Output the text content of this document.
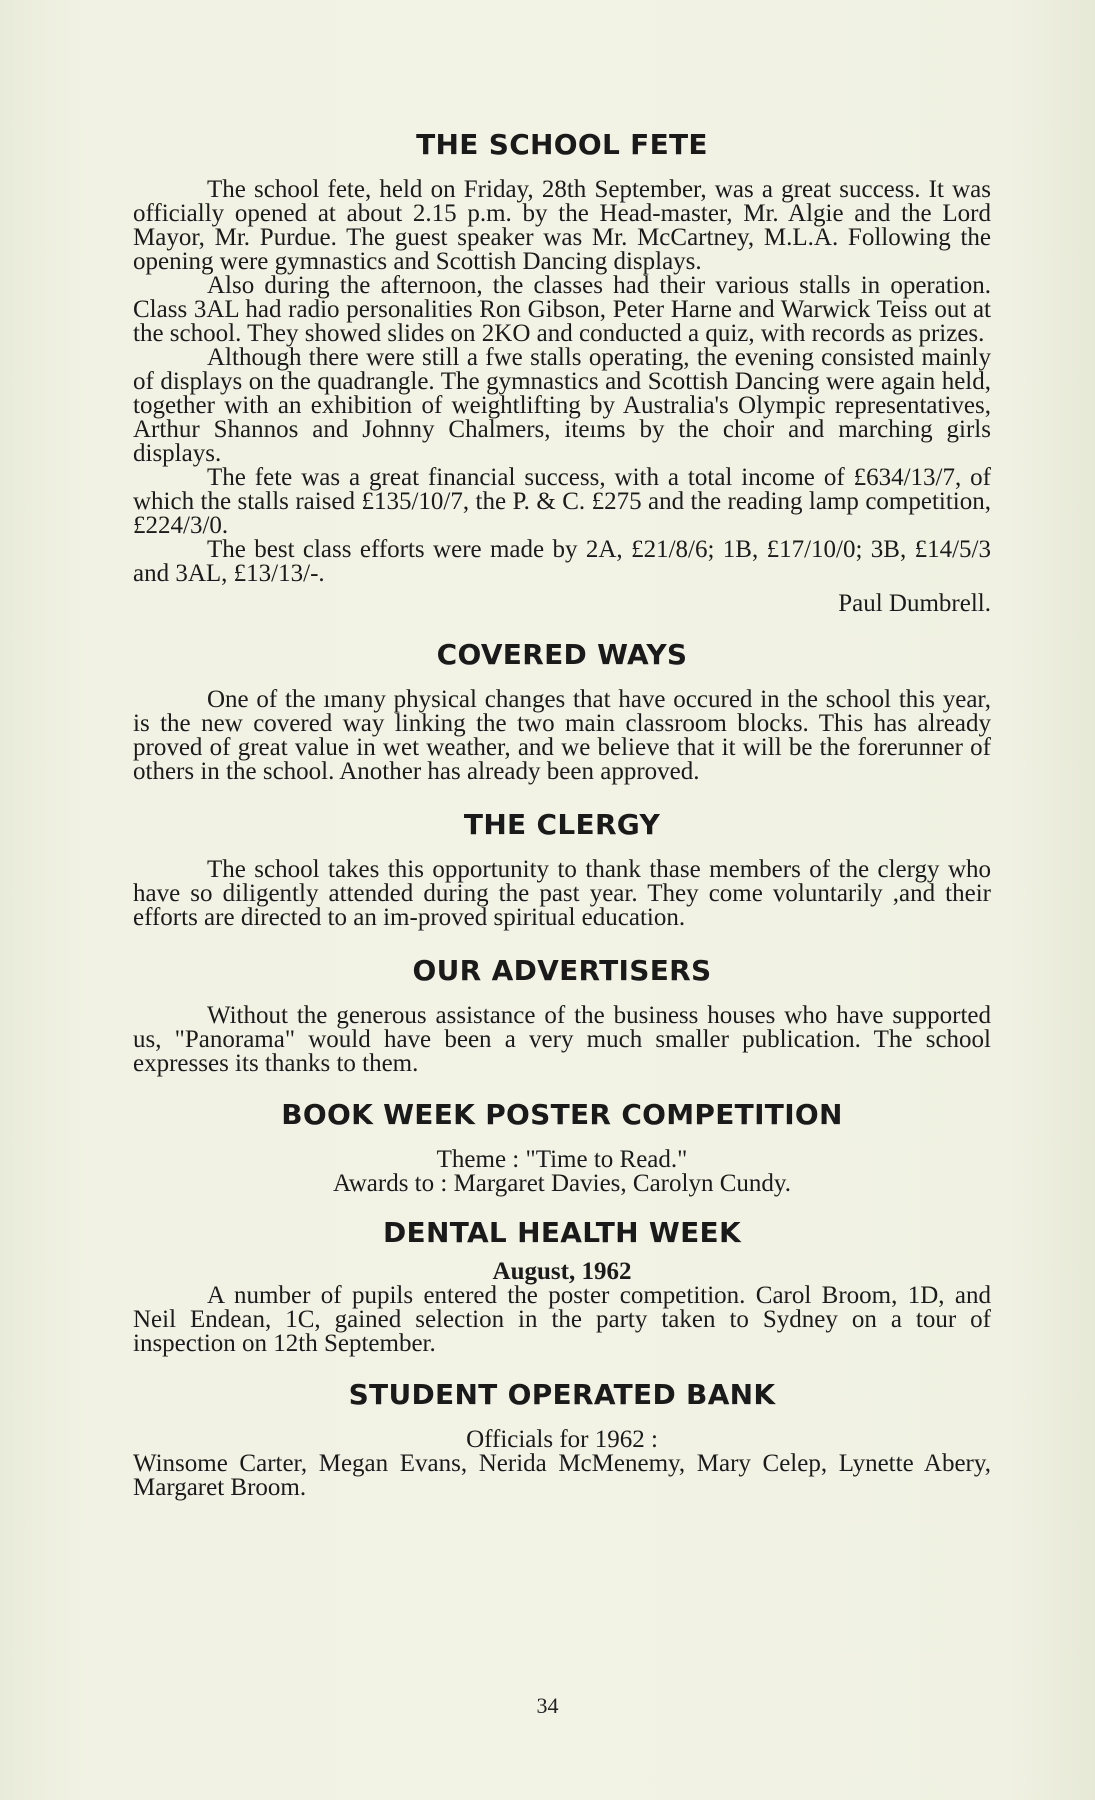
THE SCHOOL FETE

The school fete, held on Friday, 28th September, was a great success. It was officially opened at about 2.15 p.m. by the Head-master, Mr. Algie and the Lord Mayor, Mr. Purdue. The guest speaker was Mr. McCartney, M.L.A. Following the opening were gymnastics and Scottish Dancing displays.

Also during the afternoon, the classes had their various stalls in operation. Class 3AL had radio personalities Ron Gibson, Peter Harne and Warwick Teiss out at the school. They showed slides on 2KO and conducted a quiz, with records as prizes.

Although there were still a fwe stalls operating, the evening consisted mainly of displays on the quadrangle. The gymnastics and Scottish Dancing were again held, together with an exhibition of weightlifting by Australia's Olympic representatives, Arthur Shannos and Johnny Chalmers, iteıms by the choir and marching girls displays.

The fete was a great financial success, with a total income of £634/13/7, of which the stalls raised £135/10/7, the P. & C. £275 and the reading lamp competition, £224/3/0.

The best class efforts were made by 2A, £21/8/6; 1B, £17/10/0; 3B, £14/5/3 and 3AL, £13/13/-.

Paul Dumbrell.

COVERED WAYS

One of the ımany physical changes that have occured in the school this year, is the new covered way linking the two main classroom blocks. This has already proved of great value in wet weather, and we believe that it will be the forerunner of others in the school. Another has already been approved.

THE CLERGY

The school takes this opportunity to thank thase members of the clergy who have so diligently attended during the past year. They come voluntarily ,and their efforts are directed to an im-proved spiritual education.

OUR ADVERTISERS

Without the generous assistance of the business houses who have supported us, "Panorama" would have been a very much smaller publication. The school expresses its thanks to them.

BOOK WEEK POSTER COMPETITION

Theme : "Time to Read."

Awards to : Margaret Davies, Carolyn Cundy.

DENTAL HEALTH WEEK

August, 1962

A number of pupils entered the poster competition. Carol Broom, 1D, and Neil Endean, 1C, gained selection in the party taken to Sydney on a tour of inspection on 12th September.

STUDENT OPERATED BANK

Officials for 1962 :

Winsome Carter, Megan Evans, Nerida McMenemy, Mary Celep, Lynette Abery, Margaret Broom.

34
